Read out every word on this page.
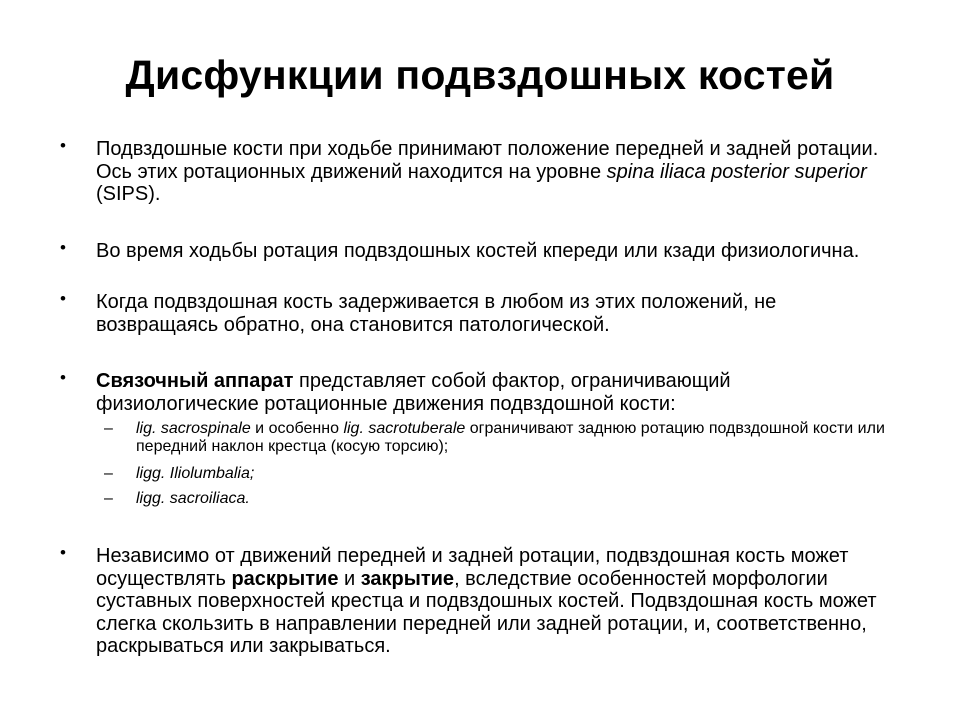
Дисфункции подвздошных костей
• Подвздошные кости при ходьбе принимают положение передней и задней ротации. Ось этих ротационных движений находится на уровне spina iliaca posterior superior (SIPS).
• Во время ходьбы ротация подвздошных костей кпереди или кзади физиологична.
• Когда подвздошная кость задерживается в любом из этих положений, не возвращаясь обратно, она становится патологической.
• Связочный аппарат представляет собой фактор, ограничивающий физиологические ротационные движения подвздошной кости:
– lig. sacrospinale и особенно lig. sacrotuberale ограничивают заднюю ротацию подвздошной кости или передний наклон крестца (косую торсию);
– ligg. Iliolumbalia;
– ligg. sacroiliaca.
• Независимо от движений передней и задней ротации, подвздошная кость может осуществлять раскрытие и закрытие, вследствие особенностей морфологии суставных поверхностей крестца и подвздошных костей. Подвздошная кость может слегка скользить в направлении передней или задней ротации, и, соответственно, раскрываться или закрываться.
